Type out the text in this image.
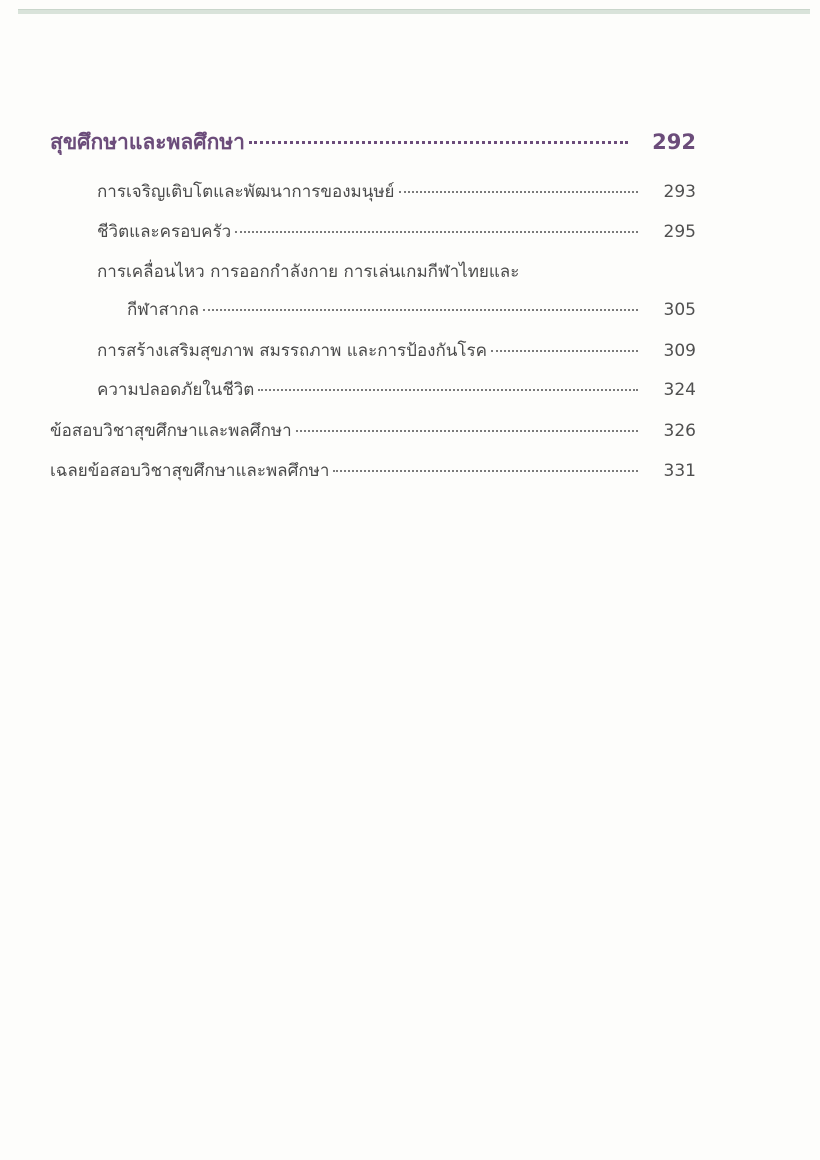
สุขศึกษาและพลศึกษา	292
การเจริญเติบโตและพัฒนาการของมนุษย์	293
ชีวิตและครอบครัว	295
การเคลื่อนไหว การออกกำลังกาย การเล่นเกมกีฬาไทยและ
กีฬาสากล	305
การสร้างเสริมสุขภาพ สมรรถภาพ และการป้องกันโรค	309
ความปลอดภัยในชีวิต	324
ข้อสอบวิชาสุขศึกษาและพลศึกษา	326
เฉลยข้อสอบวิชาสุขศึกษาและพลศึกษา	331
